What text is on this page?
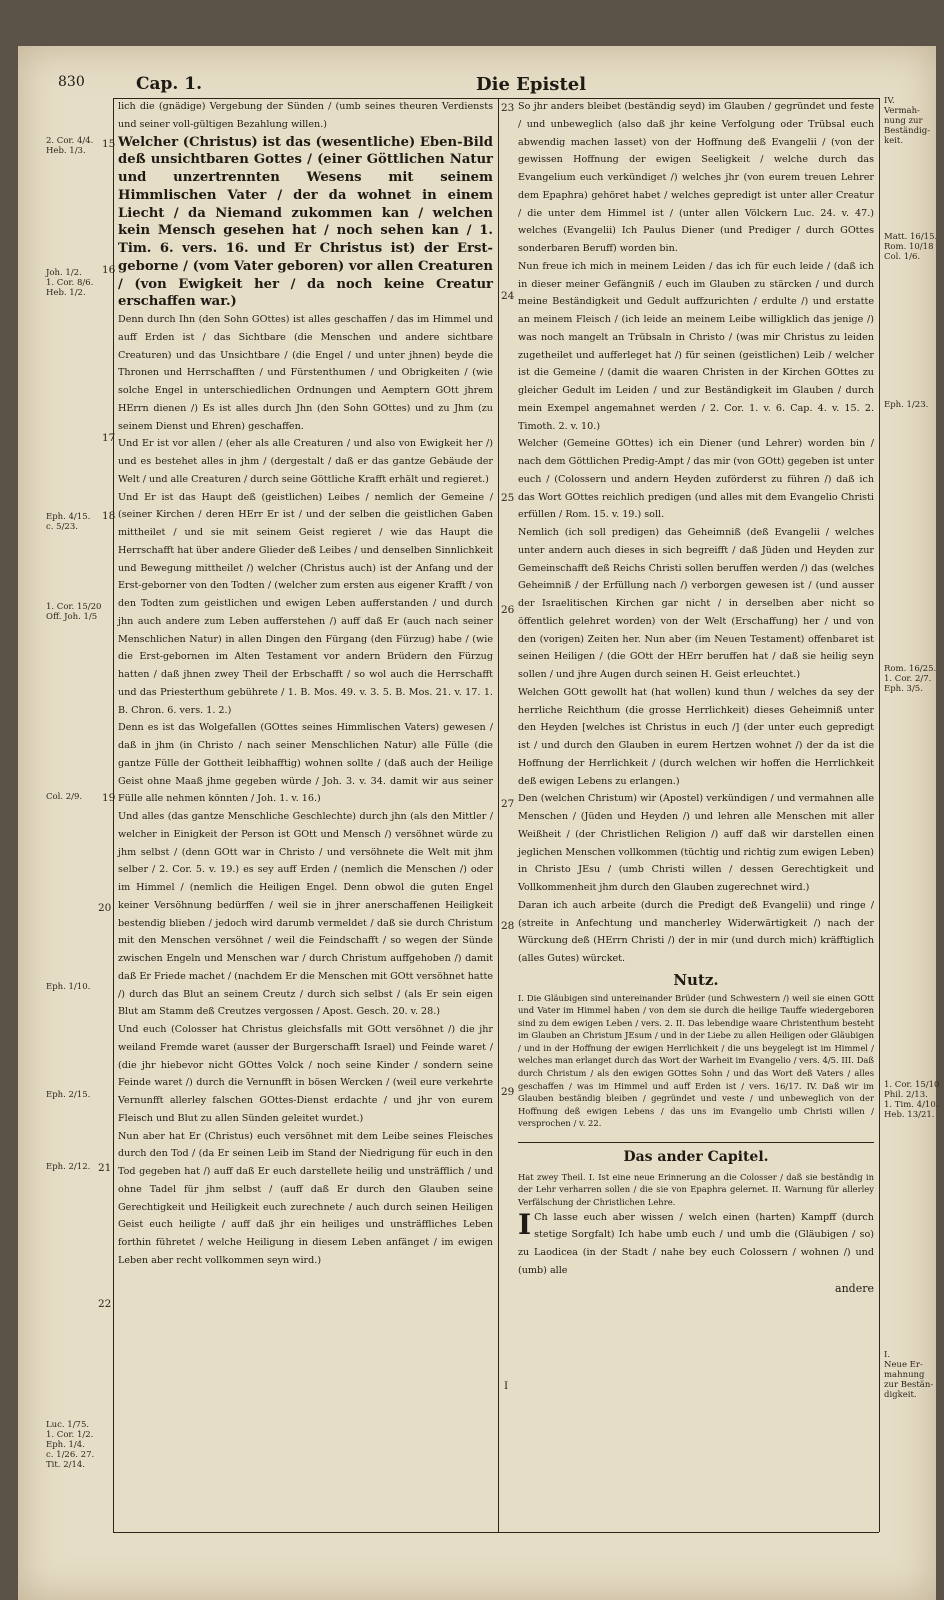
830	Cap. 1.	Die Epistel
2. Cor. 4/4.
Heb. 1/3.
Joh. 1/2.
1. Cor. 8/6.
Heb. 1/2.
Eph. 4/15.
c. 5/23.
1. Cor. 15/20
Off. Joh. 1/5
Col. 2/9.
Eph. 1/10.
Eph. 2/15.
Eph. 2/12.
Luc. 1/75.
1. Cor. 1/2.
Eph. 1/4.
c. 1/26. 27.
Tit. 2/14.
15
16
17
18
19
20
21
22
23
24
25
26
27
28
29
I
IV.
Vermah-
nung zur
Beständig-
keit.
Matt. 16/15.
Rom. 10/18
Col. 1/6.
Eph. 1/23.
Rom. 16/25.
1. Cor. 2/7.
Eph. 3/5.
1. Cor. 15/10
Phil. 2/13.
1. Tim. 4/10.
Heb. 13/21.
I.
Neue Er-
mahnung
zur Bestän-
digkeit.

lich die (gnädige) Vergebung der Sünden / (umb seines theuren Verdiensts und seiner voll-gültigen Bezahlung willen.)

Welcher (Christus) ist das (wesentliche) Eben-Bild deß unsichtbaren Gottes / (einer Göttlichen Natur und unzertrennten Wesens mit seinem Himmlischen Vater / der da wohnet in einem Liecht / da Niemand zukommen kan / welchen kein Mensch gesehen hat / noch sehen kan / 1. Tim. 6. vers. 16. und Er Christus ist) der Erst-geborne / (vom Vater geboren) vor allen Creaturen / (von Ewigkeit her / da noch keine Creatur erschaffen war.)

Denn durch Ihn (den Sohn GOttes) ist alles geschaffen / das im Himmel und auff Erden ist / das Sichtbare (die Menschen und andere sichtbare Creaturen) und das Unsichtbare / (die Engel / und unter jhnen) beyde die Thronen und Herrschafften / und Fürstenthumen / und Obrigkeiten / (wie solche Engel in unterschiedlichen Ordnungen und Aemptern GOtt jhrem HErrn dienen /) Es ist alles durch Jhn (den Sohn GOttes) und zu Jhm (zu seinem Dienst und Ehren) geschaffen.

Und Er ist vor allen / (eher als alle Creaturen / und also von Ewigkeit her /) und es bestehet alles in jhm / (dergestalt / daß er das gantze Gebäude der Welt / und alle Creaturen / durch seine Göttliche Krafft erhält und regieret.)

Und Er ist das Haupt deß (geistlichen) Leibes / nemlich der Gemeine / (seiner Kirchen / deren HErr Er ist / und der selben die geistlichen Gaben mittheilet / und sie mit seinem Geist regieret / wie das Haupt die Herrschafft hat über andere Glieder deß Leibes / und denselben Sinnlichkeit und Bewegung mittheilet /) welcher (Christus auch) ist der Anfang und der Erst-geborner von den Todten / (welcher zum ersten aus eigener Krafft / von den Todten zum geistlichen und ewigen Leben aufferstanden / und durch jhn auch andere zum Leben aufferstehen /) auff daß Er (auch nach seiner Menschlichen Natur) in allen Dingen den Fürgang (den Fürzug) habe / (wie die Erst-gebornen im Alten Testament vor andern Brüdern den Fürzug hatten / daß jhnen zwey Theil der Erbschafft / so wol auch die Herrschafft und das Priesterthum gebührete / 1. B. Mos. 49. v. 3. 5. B. Mos. 21. v. 17. 1. B. Chron. 6. vers. 1. 2.)

Denn es ist das Wolgefallen (GOttes seines Himmlischen Vaters) gewesen / daß in jhm (in Christo / nach seiner Menschlichen Natur) alle Fülle (die gantze Fülle der Gottheit leibhafftig) wohnen sollte / (daß auch der Heilige Geist ohne Maaß jhme gegeben würde / Joh. 3. v. 34. damit wir aus seiner Fülle alle nehmen könnten / Joh. 1. v. 16.)

Und alles (das gantze Menschliche Geschlechte) durch jhn (als den Mittler / welcher in Einigkeit der Person ist GOtt und Mensch /) versöhnet würde zu jhm selbst / (denn GOtt war in Christo / und versöhnete die Welt mit jhm selber / 2. Cor. 5. v. 19.) es sey auff Erden / (nemlich die Menschen /) oder im Himmel / (nemlich die Heiligen Engel. Denn obwol die guten Engel keiner Versöhnung bedürffen / weil sie in jhrer anerschaffenen Heiligkeit bestendig blieben / jedoch wird darumb vermeldet / daß sie durch Christum mit den Menschen versöhnet / weil die Feindschafft / so wegen der Sünde zwischen Engeln und Menschen war / durch Christum auffgehoben /) damit daß Er Friede machet / (nachdem Er die Menschen mit GOtt versöhnet hatte /) durch das Blut an seinem Creutz / durch sich selbst / (als Er sein eigen Blut am Stamm deß Creutzes vergossen / Apost. Gesch. 20. v. 28.)

Und euch (Colosser hat Christus gleichsfalls mit GOtt versöhnet /) die jhr weiland Fremde waret (ausser der Burgerschafft Israel) und Feinde waret / (die jhr hiebevor nicht GOttes Volck / noch seine Kinder / sondern seine Feinde waret /) durch die Vernunfft in bösen Wercken / (weil eure verkehrte Vernunfft allerley falschen GOttes-Dienst erdachte / und jhr von eurem Fleisch und Blut zu allen Sünden geleitet wurdet.)

Nun aber hat Er (Christus) euch versöhnet mit dem Leibe seines Fleisches durch den Tod / (da Er seinen Leib im Stand der Niedrigung für euch in den Tod gegeben hat /) auff daß Er euch darstellete heilig und unsträfflich / und ohne Tadel für jhm selbst / (auff daß Er durch den Glauben seine Gerechtigkeit und Heiligkeit euch zurechnete / auch durch seinen Heiligen Geist euch heiligte / auff daß jhr ein heiliges und unsträffliches Leben forthin führetet / welche Heiligung in diesem Leben anfänget / im ewigen Leben aber recht vollkommen seyn wird.)

So jhr anders bleibet (beständig seyd) im Glauben / gegründet und feste / und unbeweglich (also daß jhr keine Verfolgung oder Trübsal euch abwendig machen lasset) von der Hoffnung deß Evangelii / (von der gewissen Hoffnung der ewigen Seeligkeit / welche durch das Evangelium euch verkündiget /) welches jhr (von eurem treuen Lehrer dem Epaphra) gehöret habet / welches gepredigt ist unter aller Creatur / die unter dem Himmel ist / (unter allen Völckern Luc. 24. v. 47.) welches (Evangelii) Ich Paulus Diener (und Prediger / durch GOttes sonderbaren Beruff) worden bin.

Nun freue ich mich in meinem Leiden / das ich für euch leide / (daß ich in dieser meiner Gefängniß / euch im Glauben zu stärcken / und durch meine Beständigkeit und Gedult auffzurichten / erdulte /) und erstatte an meinem Fleisch / (ich leide an meinem Leibe willigklich das jenige /) was noch mangelt an Trübsaln in Christo / (was mir Christus zu leiden zugetheilet und aufferleget hat /) für seinen (geistlichen) Leib / welcher ist die Gemeine / (damit die waaren Christen in der Kirchen GOttes zu gleicher Gedult im Leiden / und zur Beständigkeit im Glauben / durch mein Exempel angemahnet werden / 2. Cor. 1. v. 6. Cap. 4. v. 15. 2. Timoth. 2. v. 10.)

Welcher (Gemeine GOttes) ich ein Diener (und Lehrer) worden bin / nach dem Göttlichen Predig-Ampt / das mir (von GOtt) gegeben ist unter euch / (Colossern und andern Heyden zuförderst zu führen /) daß ich das Wort GOttes reichlich predigen (und alles mit dem Evangelio Christi erfüllen / Rom. 15. v. 19.) soll.

Nemlich (ich soll predigen) das Geheimniß (deß Evangelii / welches unter andern auch dieses in sich begreifft / daß Jüden und Heyden zur Gemeinschafft deß Reichs Christi sollen beruffen werden /) das (welches Geheimniß / der Erfüllung nach /) verborgen gewesen ist / (und ausser der Israelitischen Kirchen gar nicht / in derselben aber nicht so öffentlich gelehret worden) von der Welt (Erschaffung) her / und von den (vorigen) Zeiten her. Nun aber (im Neuen Testament) offenbaret ist seinen Heiligen / (die GOtt der HErr beruffen hat / daß sie heilig seyn sollen / und jhre Augen durch seinen H. Geist erleuchtet.)

Welchen GOtt gewollt hat (hat wollen) kund thun / welches da sey der herrliche Reichthum (die grosse Herrlichkeit) dieses Geheimniß unter den Heyden [welches ist Christus in euch /] (der unter euch gepredigt ist / und durch den Glauben in eurem Hertzen wohnet /) der da ist die Hoffnung der Herrlichkeit / (durch welchen wir hoffen die Herrlichkeit deß ewigen Lebens zu erlangen.)

Den (welchen Christum) wir (Apostel) verkündigen / und vermahnen alle Menschen / (Jüden und Heyden /) und lehren alle Menschen mit aller Weißheit / (der Christlichen Religion /) auff daß wir darstellen einen jeglichen Menschen vollkommen (tüchtig und richtig zum ewigen Leben) in Christo JEsu / (umb Christi willen / dessen Gerechtigkeit und Vollkommenheit jhm durch den Glauben zugerechnet wird.)

Daran ich auch arbeite (durch die Predigt deß Evangelii) und ringe / (streite in Anfechtung und mancherley Widerwärtigkeit /) nach der Würckung deß (HErrn Christi /) der in mir (und durch mich) kräfftiglich (alles Gutes) würcket.

Nutz.

I. Die Gläubigen sind untereinander Brüder (und Schwestern /) weil sie einen GOtt und Vater im Himmel haben / von dem sie durch die heilige Tauffe wiedergeboren sind zu dem ewigen Leben / vers. 2. II. Das lebendige waare Christenthum besteht im Glauben an Christum JEsum / und in der Liebe zu allen Heiligen oder Gläubigen / und in der Hoffnung der ewigen Herrlichkeit / die uns beygelegt ist im Himmel / welches man erlanget durch das Wort der Warheit im Evangelio / vers. 4/5. III. Daß durch Christum / als den ewigen GOttes Sohn / und das Wort deß Vaters / alles geschaffen / was im Himmel und auff Erden ist / vers. 16/17. IV. Daß wir im Glauben beständig bleiben / gegründet und veste / und unbeweglich von der Hoffnung deß ewigen Lebens / das uns im Evangelio umb Christi willen / versprochen / v. 22.

Das ander Capitel.

Hat zwey Theil. I. Ist eine neue Erinnerung an die Colosser / daß sie beständig in der Lehr verharren sollen / die sie von Epaphra gelernet. II. Warnung für allerley Verfälschung der Christlichen Lehre.

I Ch lasse euch aber wissen / welch einen (harten) Kampff (durch stetige Sorgfalt) Ich habe umb euch / und umb die (Gläubigen / so) zu Laodicea (in der Stadt / nahe bey euch Colossern / wohnen /) und (umb) alle

andere
